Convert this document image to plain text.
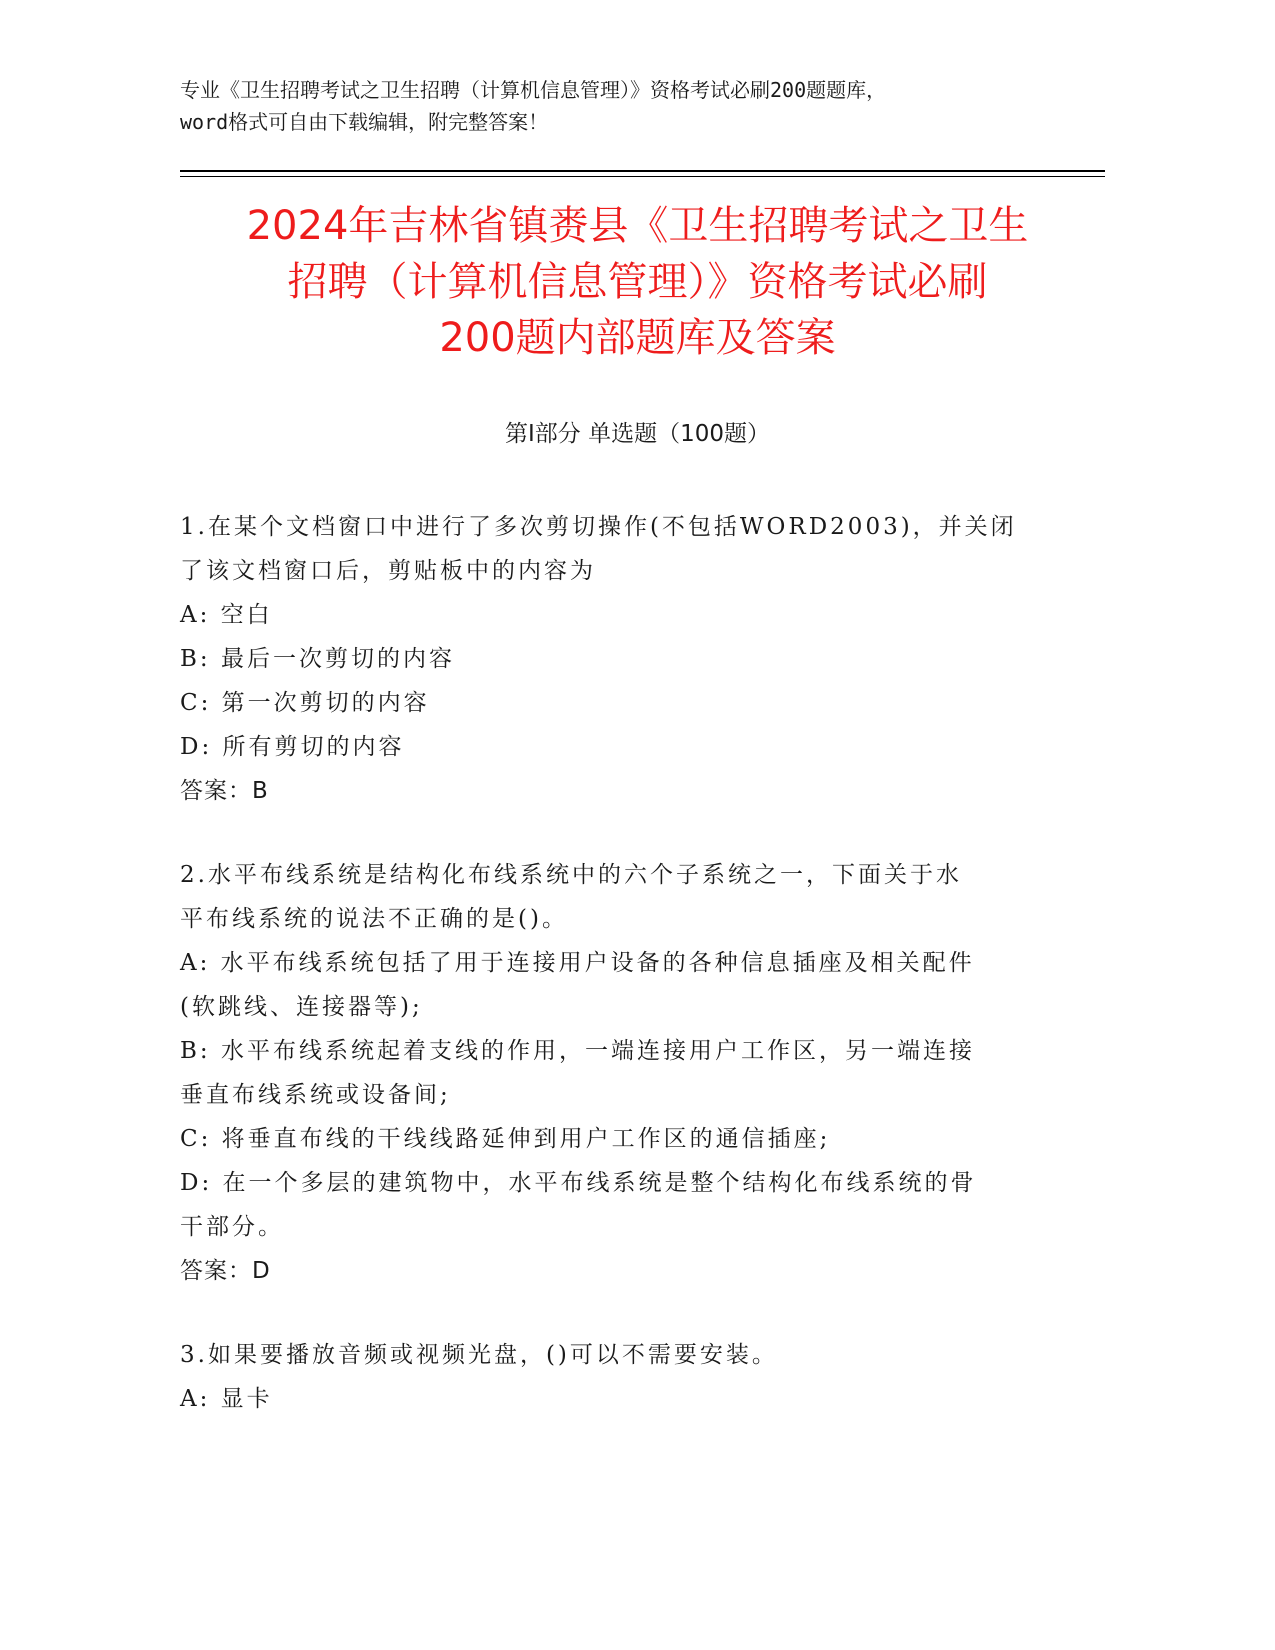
专业《卫生招聘考试之卫生招聘（计算机信息管理）》资格考试必刷200题题库，
word格式可自由下载编辑，附完整答案！
2024年吉林省镇赉县《卫生招聘考试之卫生
招聘（计算机信息管理）》资格考试必刷
200题内部题库及答案
第Ⅰ部分 单选题（100题）
1.在某个文档窗口中进行了多次剪切操作(不包括WORD2003)，并关闭
了该文档窗口后，剪贴板中的内容为
A: 空白
B: 最后一次剪切的内容
C: 第一次剪切的内容
D: 所有剪切的内容
答案：B
2.水平布线系统是结构化布线系统中的六个子系统之一，下面关于水
平布线系统的说法不正确的是()。
A: 水平布线系统包括了用于连接用户设备的各种信息插座及相关配件
(软跳线、连接器等);
B: 水平布线系统起着支线的作用，一端连接用户工作区，另一端连接
垂直布线系统或设备间;
C: 将垂直布线的干线线路延伸到用户工作区的通信插座;
D: 在一个多层的建筑物中，水平布线系统是整个结构化布线系统的骨
干部分。
答案：D
3.如果要播放音频或视频光盘，()可以不需要安装。
A: 显卡
